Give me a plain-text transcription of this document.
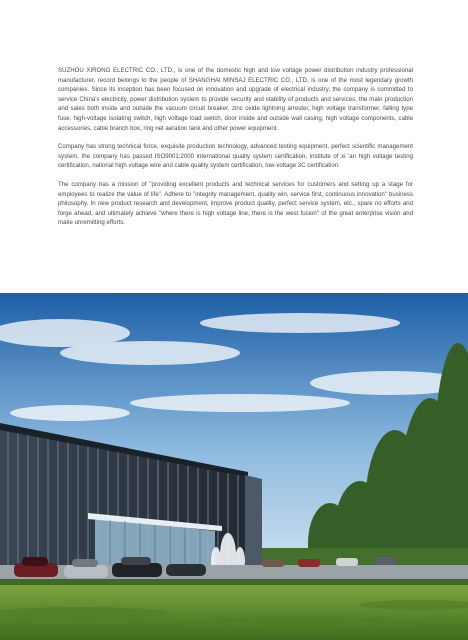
SUZHOU XIRONG ELECTRIC CO., LTD., is one of the domestic high and low voltage power distribution industry professional manufacturer, record belongs to the people of SHANGHAI MINSAJ ELECTRIC CO., LTD, is one of the most legendary growth companies. Since its inception has been focused on innovation and upgrade of electrical industry, the company is committed to service China's electricity, power distribution system to provide security and stability of products and services, the main production and sales both inside and outside the vacuum circuit breaker, zinc oxide lightning arrester, high voltage transformer, falling type fuse, high-voltage isolating switch, high voltage load switch, door inside and outside wall casing, high voltage components, cable accessories, cable branch box, ring net aeration tank and other power equipment.

Company has strong technical force, exquisite production technology, advanced testing equipment, perfect scientific management system, the company has passed ISO9001:2000 international quality system certification, institute of xi 'an high voltage testing certification, national high voltage wire and cable quality system certification, low-voltage 3C certification.

The company has a mission of "providing excellent products and technical services for customers and setting up a stage for employees to realize the value of life". Adhere to "integrity management, quality win, service first, continuous innovation" business philosophy. In new product research and development, improve product quality, perfect service system, etc., spare no efforts and forge ahead, and ultimately achieve "where there is high voltage line, there is the west fusion" of the great enterprise vision and make unremitting efforts.
